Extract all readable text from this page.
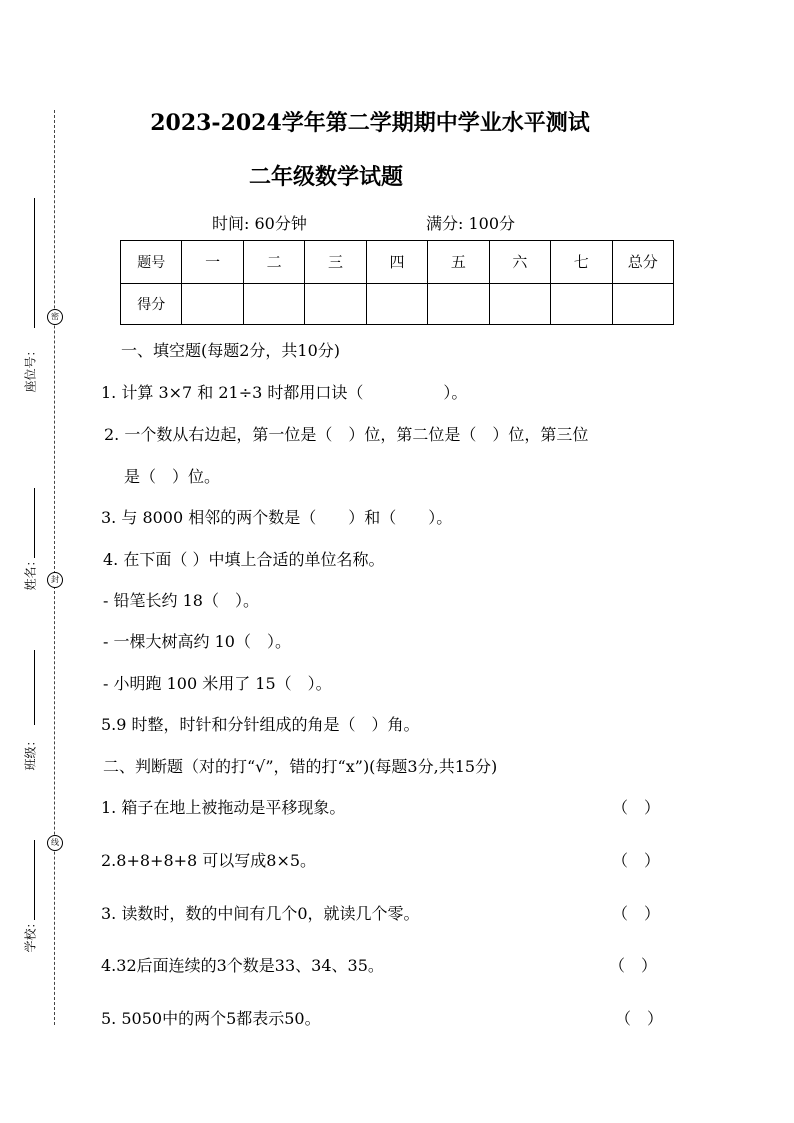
座位号：
密
姓名：	封
班级：
线
学校：
2023-2024学年第二学期期中学业水平测试
二年级数学试题
时间: 60分钟	满分: 100分
题号	一	二	三	四	五	六	七	总分
得分								
一、填空题(每题2分，共10分)
1. 计算 3×7 和 21÷3 时都用口诀（　　　　　）。
2. 一个数从右边起，第一位是（　）位，第二位是（　）位，第三位
是（　）位。
3. 与 8000 相邻的两个数是（　　）和（　　）。
4. 在下面（ ）中填上合适的单位名称。
- 铅笔长约 18（　）。
- 一棵大树高约 10（　）。
- 小明跑 100 米用了 15（　）。
5.9 时整，时针和分针组成的角是（　）角。
二、判断题（对的打“√”，错的打“x”)(每题3分,共15分)
1. 箱子在地上被拖动是平移现象。	（　）
2.8+8+8+8 可以写成8×5。	（　）
3. 读数时，数的中间有几个0，就读几个零。	（　）
4.32后面连续的3个数是33、34、35。	（　）
5. 5050中的两个5都表示50。	（　）
